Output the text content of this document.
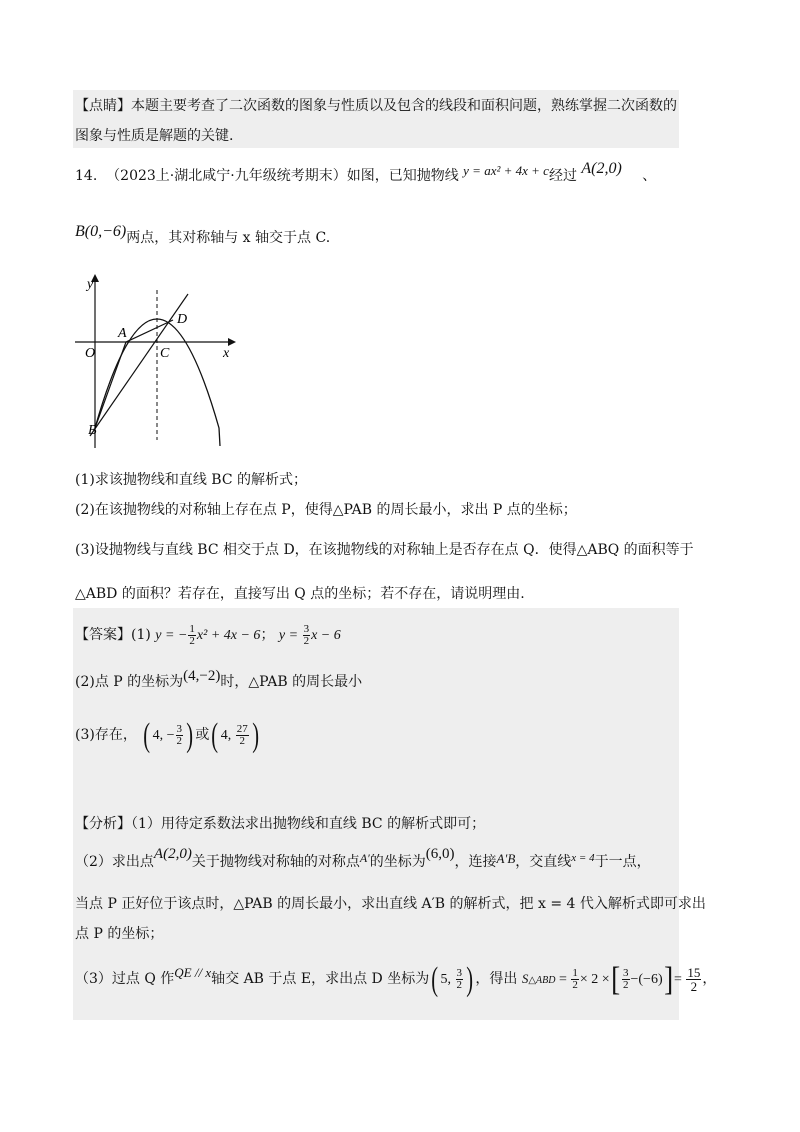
【点睛】本题主要考查了二次函数的图象与性质以及包含的线段和面积问题，熟练掌握二次函数的
图象与性质是解题的关键.
14. （2023上·湖北咸宁·九年级统考期末）如图，已知抛物线 y = ax² + 4x + c经过 A(2,0) 、
B(0,−6)两点，其对称轴与 x 轴交于点 C.
y
x
O
A
B
C
D
(1)求该抛物线和直线 BC 的解析式；
(2)在该抛物线的对称轴上存在点 P，使得△PAB 的周长最小，求出 P 点的坐标；
(3)设抛物线与直线 BC 相交于点 D，在该抛物线的对称轴上是否存在点 Q．使得△ABQ 的面积等于
△ABD 的面积？若存在，直接写出 Q 点的坐标；若不存在，请说明理由.
【答案】(1) y = − $\frac{1}{2} x^2 + 4x - 6$； $y = \frac{3}{2}$ x − 6
(2)点 P 的坐标为(4,−2)时，△PAB 的周长最小
(3)存在， ( 4, − $\frac{3}{2}$ ) 或( 4, $\frac{27}{2}$ )
【分析】（1）用待定系数法求出抛物线和直线 BC 的解析式即可；
（2）求出点A(2,0)关于抛物线对称轴的对称点A′的坐标为(6,0)，连接A′B，交直线$^{x = 4}$于一点，
当点 P 正好位于该点时，△PAB 的周长最小，求出直线 A′B 的解析式，把 x = 4 代入解析式即可求出
点 P 的坐标；
（3）过点 Q 作QE // x轴交 AB 于点 E，求出点 D 坐标为( 5, $\frac{3}{2}$ ) ，得出 S△ABD = $\frac{1}{2} \times 2$ ×[ $\frac{3}{2} -(-6)]= \frac{15}{2}$ ，
